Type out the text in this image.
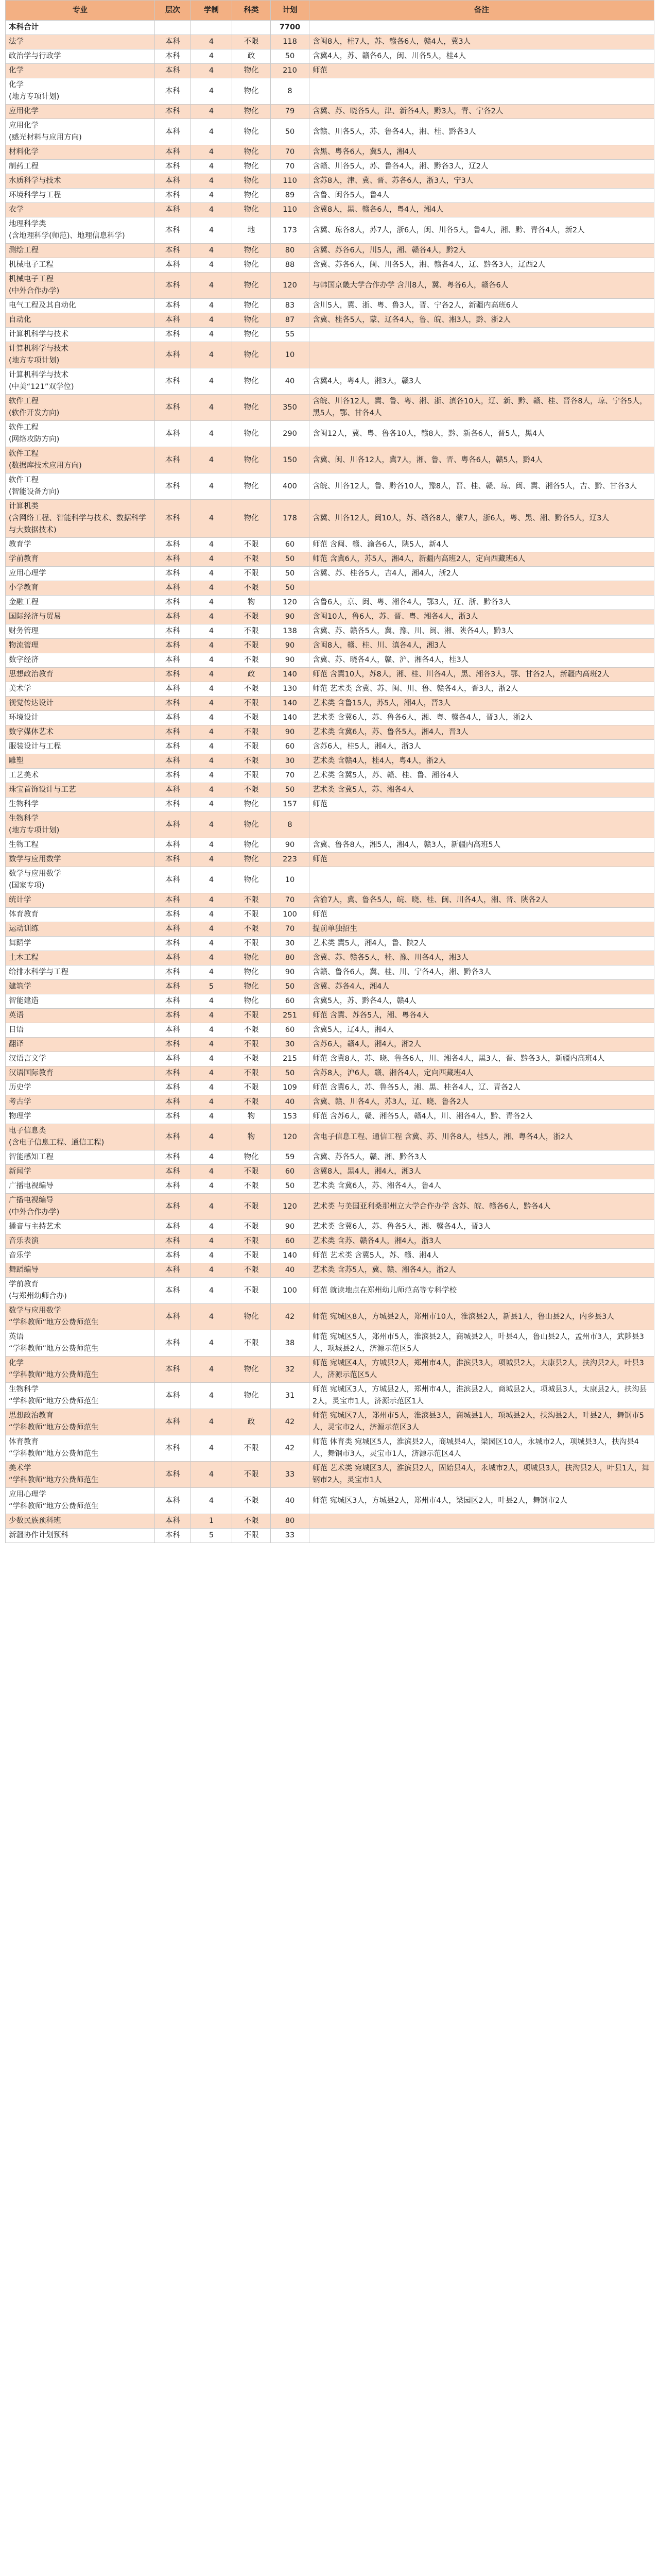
专业	层次	学制	科类	计划	备注
本科合计				7700	
法学	本科	4	不限	118	含闽8人，桂7人，苏、赣各6人，赣4人，冀3人
政治学与行政学	本科	4	政	50	含冀4人，苏、赣各6人，闽、川各5人，桂4人
化学	本科	4	物化	210	师范
化学
(地方专项计划)	本科	4	物化	8	
应用化学	本科	4	物化	79	含冀、苏、晓各5人，津、新各4人，黔3人，青、宁各2人
应用化学
(感光材料与应用方向)	本科	4	物化	50	含赣、川各5人，苏、鲁各4人，湘、桂、黔各3人
材料化学	本科	4	物化	70	含黑、粤各6人，冀5人，湘4人
制药工程	本科	4	物化	70	含赣、川各5人，苏、鲁各4人，湘、黔各3人，辽2人
水质科学与技术	本科	4	物化	110	含苏8人，津、冀、晋、苏各6人，浙3人，宁3人
环境科学与工程	本科	4	物化	89	含鲁、闽各5人，鲁4人
农学	本科	4	物化	110	含冀8人，黑、赣各6人，粤4人，湘4人
地理科学类
(含地理科学(师范)、地理信息科学)	本科	4	地	173	含冀、琼各8人，苏7人，浙6人，闽、川各5人，鲁4人，湘、黔、青各4人，新2人
测绘工程	本科	4	物化	80	含冀、苏各6人，川5人，湘、赣各4人，黔2人
机械电子工程	本科	4	物化	88	含冀、苏各6人，闽、川各5人，湘、赣各4人，辽、黔各3人，辽西2人
机械电子工程
(中外合作办学)	本科	4	物化	120	与韩国京畿大学合作办学 含川8人，冀、粤各6人，赣各6人
电气工程及其自动化	本科	4	物化	83	含川5人，冀、浙、粤、鲁3人，晋、宁各2人，新疆内高班6人
自动化	本科	4	物化	87	含冀、桂各5人，蒙、辽各4人，鲁、皖、湘3人，黔、浙2人
计算机科学与技术	本科	4	物化	55	
计算机科学与技术
(地方专项计划)	本科	4	物化	10	
计算机科学与技术
(中美“121”双学位)	本科	4	物化	40	含冀4人，粤4人，湘3人，赣3人
软件工程
(软件开发方向)	本科	4	物化	350	含皖、川各12人，冀、鲁、粤、湘、浙、滇各10人，辽、新、黔、赣、桂、晋各8人，琼、宁各5人，黑5人，鄂、甘各4人
软件工程
(网络攻防方向)	本科	4	物化	290	含闽12人，冀、粤、鲁各10人，赣8人，黔、新各6人，晋5人，黑4人
软件工程
(数据库技术应用方向)	本科	4	物化	150	含冀、闽、川各12人，冀7人，湘、鲁、晋、粤各6人，赣5人，黔4人
软件工程
(智能设备方向)	本科	4	物化	400	含皖、川各12人，鲁、黔各10人，豫8人，晋、桂、赣、琼、闽、冀、湘各5人，吉、黔、甘各3人
计算机类
(含网络工程、智能科学与技术、数据科学与大数据技术)	本科	4	物化	178	含冀、川各12人，闽10人，苏、赣各8人，蒙7人，浙6人，粤、黑、湘、黔各5人，辽3人
教育学	本科	4	不限	60	师范 含闽、赣、渝各6人，陕5人，新4人
学前教育	本科	4	不限	50	师范 含冀6人，苏5人，湘4人，新疆内高班2人，定向西藏班6人
应用心理学	本科	4	不限	50	含冀、苏、桂各5人，吉4人，湘4人，浙2人
小学教育	本科	4	不限	50	
金融工程	本科	4	物	120	含鲁6人，京、闽、粤、湘各4人，鄂3人，辽、浙、黔各3人
国际经济与贸易	本科	4	不限	90	含闽10人，鲁6人，苏、晋、粤、湘各4人，浙3人
财务管理	本科	4	不限	138	含冀、苏、赣各5人，冀、豫、川、闽、湘、陕各4人，黔3人
物流管理	本科	4	不限	90	含闽8人，赣、桂、川、滇各4人，湘3人
数字经济	本科	4	不限	90	含冀、苏、晓各4人，赣、沪、湘各4人，桂3人
思想政治教育	本科	4	政	140	师范 含冀10人，苏8人，湘、桂、川各4人，黑、湘各3人，鄂、甘各2人，新疆内高班2人
美术学	本科	4	不限	130	师范 艺术类 含冀、苏、闽、川、鲁、赣各4人，晋3人，浙2人
视觉传达设计	本科	4	不限	140	艺术类 含鲁15人，苏5人，湘4人，晋3人
环境设计	本科	4	不限	140	艺术类 含冀6人，苏、鲁各6人，湘、粤、赣各4人，晋3人，浙2人
数字媒体艺术	本科	4	不限	90	艺术类 含冀6人，苏、鲁各5人，湘4人，晋3人
服装设计与工程	本科	4	不限	60	含苏6人，桂5人，湘4人，浙3人
雕塑	本科	4	不限	30	艺术类 含赣4人，桂4人，粤4人，浙2人
工艺美术	本科	4	不限	70	艺术类 含冀5人，苏、赣、桂、鲁、湘各4人
珠宝首饰设计与工艺	本科	4	不限	50	艺术类 含冀5人，苏、湘各4人
生物科学	本科	4	物化	157	师范
生物科学
(地方专项计划)	本科	4	物化	8	
生物工程	本科	4	物化	90	含冀、鲁各8人，湘5人，湘4人，赣3人，新疆内高班5人
数学与应用数学	本科	4	物化	223	师范
数学与应用数学
(国家专项)	本科	4	物化	10	
统计学	本科	4	不限	70	含渝7人，冀、鲁各5人，皖、晓、桂、闽、川各4人，湘、晋、陕各2人
体育教育	本科	4	不限	100	师范
运动训练	本科	4	不限	70	提前单独招生
舞蹈学	本科	4	不限	30	艺术类 冀5人，湘4人，鲁、陕2人
土木工程	本科	4	物化	80	含冀、苏、赣各5人，桂、豫、川各4人，湘3人
给排水科学与工程	本科	4	物化	90	含赣、鲁各6人，冀、桂、川、宁各4人，湘、黔各3人
建筑学	本科	5	物化	50	含冀、苏各4人，湘4人
智能建造	本科	4	物化	60	含冀5人，苏、黔各4人，赣4人
英语	本科	4	不限	251	师范 含冀、苏各5人，湘、粤各4人
日语	本科	4	不限	60	含冀5人，辽4人，湘4人
翻译	本科	4	不限	30	含苏6人，赣4人，湘4人，湘2人
汉语言文学	本科	4	不限	215	师范 含冀8人，苏、晓、鲁各6人，川、湘各4人，黑3人，晋、黔各3人，新疆内高班4人
汉语国际教育	本科	4	不限	50	含苏8人，沪6人，赣、湘各4人，定向西藏班4人
历史学	本科	4	不限	109	师范 含冀6人，苏、鲁各5人，湘、黑、桂各4人，辽、青各2人
考古学	本科	4	不限	40	含冀、赣、川各4人，苏3人，辽、晓、鲁各2人
物理学	本科	4	物	153	师范 含苏6人，赣、湘各5人，赣4人，川、湘各4人，黔、青各2人
电子信息类
(含电子信息工程、通信工程)	本科	4	物	120	含电子信息工程、通信工程 含冀、苏、川各8人，桂5人，湘、粤各4人，浙2人
智能感知工程	本科	4	物化	59	含冀、苏各5人，赣、湘、黔各3人
新闻学	本科	4	不限	60	含冀8人，黑4人，湘4人，湘3人
广播电视编导	本科	4	不限	50	艺术类 含冀6人，苏、湘各4人，鲁4人
广播电视编导
(中外合作办学)	本科	4	不限	120	艺术类 与美国亚利桑那州立大学合作办学 含苏、皖、赣各6人，黔各4人
播音与主持艺术	本科	4	不限	90	艺术类 含冀6人，苏、鲁各5人，湘、赣各4人，晋3人
音乐表演	本科	4	不限	60	艺术类 含苏、赣各4人，湘4人，浙3人
音乐学	本科	4	不限	140	师范 艺术类 含冀5人，苏、赣、湘4人
舞蹈编导	本科	4	不限	40	艺术类 含苏5人，冀、赣、湘各4人，浙2人
学前教育
(与郑州幼师合办)	本科	4	不限	100	师范 就读地点在郑州幼儿师范高等专科学校
数学与应用数学
“学科教师”地方公费师范生	本科	4	物化	42	师范 宛城区8人，方城县2人，郑州市10人，淮滨县2人，新县1人，鲁山县2人，内乡县3人
英语
“学科教师”地方公费师范生	本科	4	不限	38	师范 宛城区5人，郑州市5人，淮滨县2人，商城县2人，叶县4人，鲁山县2人，孟州市3人，武陟县3人，项城县2人，济源示范区5人
化学
“学科教师”地方公费师范生	本科	4	物化	32	师范 宛城区4人，方城县2人，郑州市4人，淮滨县3人，项城县2人，太康县2人，扶沟县2人，叶县3人，济源示范区5人
生物科学
“学科教师”地方公费师范生	本科	4	物化	31	师范 宛城区3人，方城县2人，郑州市4人，淮滨县2人，商城县2人，项城县3人，太康县2人，扶沟县2人，灵宝市1人，济源示范区1人
思想政治教育
“学科教师”地方公费师范生	本科	4	政	42	师范 宛城区7人，郑州市5人，淮滨县3人，商城县1人，项城县2人，扶沟县2人，叶县2人，舞钢市5人，灵宝市2人，济源示范区3人
体育教育
“学科教师”地方公费师范生	本科	4	不限	42	师范 体育类 宛城区5人，淮滨县2人，商城县4人，梁园区10人，永城市2人，项城县3人，扶沟县4人，舞钢市3人，灵宝市1人，济源示范区4人
美术学
“学科教师”地方公费师范生	本科	4	不限	33	师范 艺术类 宛城区3人，淮滨县2人，固始县4人，永城市2人，项城县3人，扶沟县2人，叶县1人，舞钢市2人，灵宝市1人
应用心理学
“学科教师”地方公费师范生	本科	4	不限	40	师范 宛城区3人，方城县2人，郑州市4人，梁园区2人，叶县2人，舞钢市2人
少数民族预科班	本科	1	不限	80	
新疆协作计划预科	本科	5	不限	33	
